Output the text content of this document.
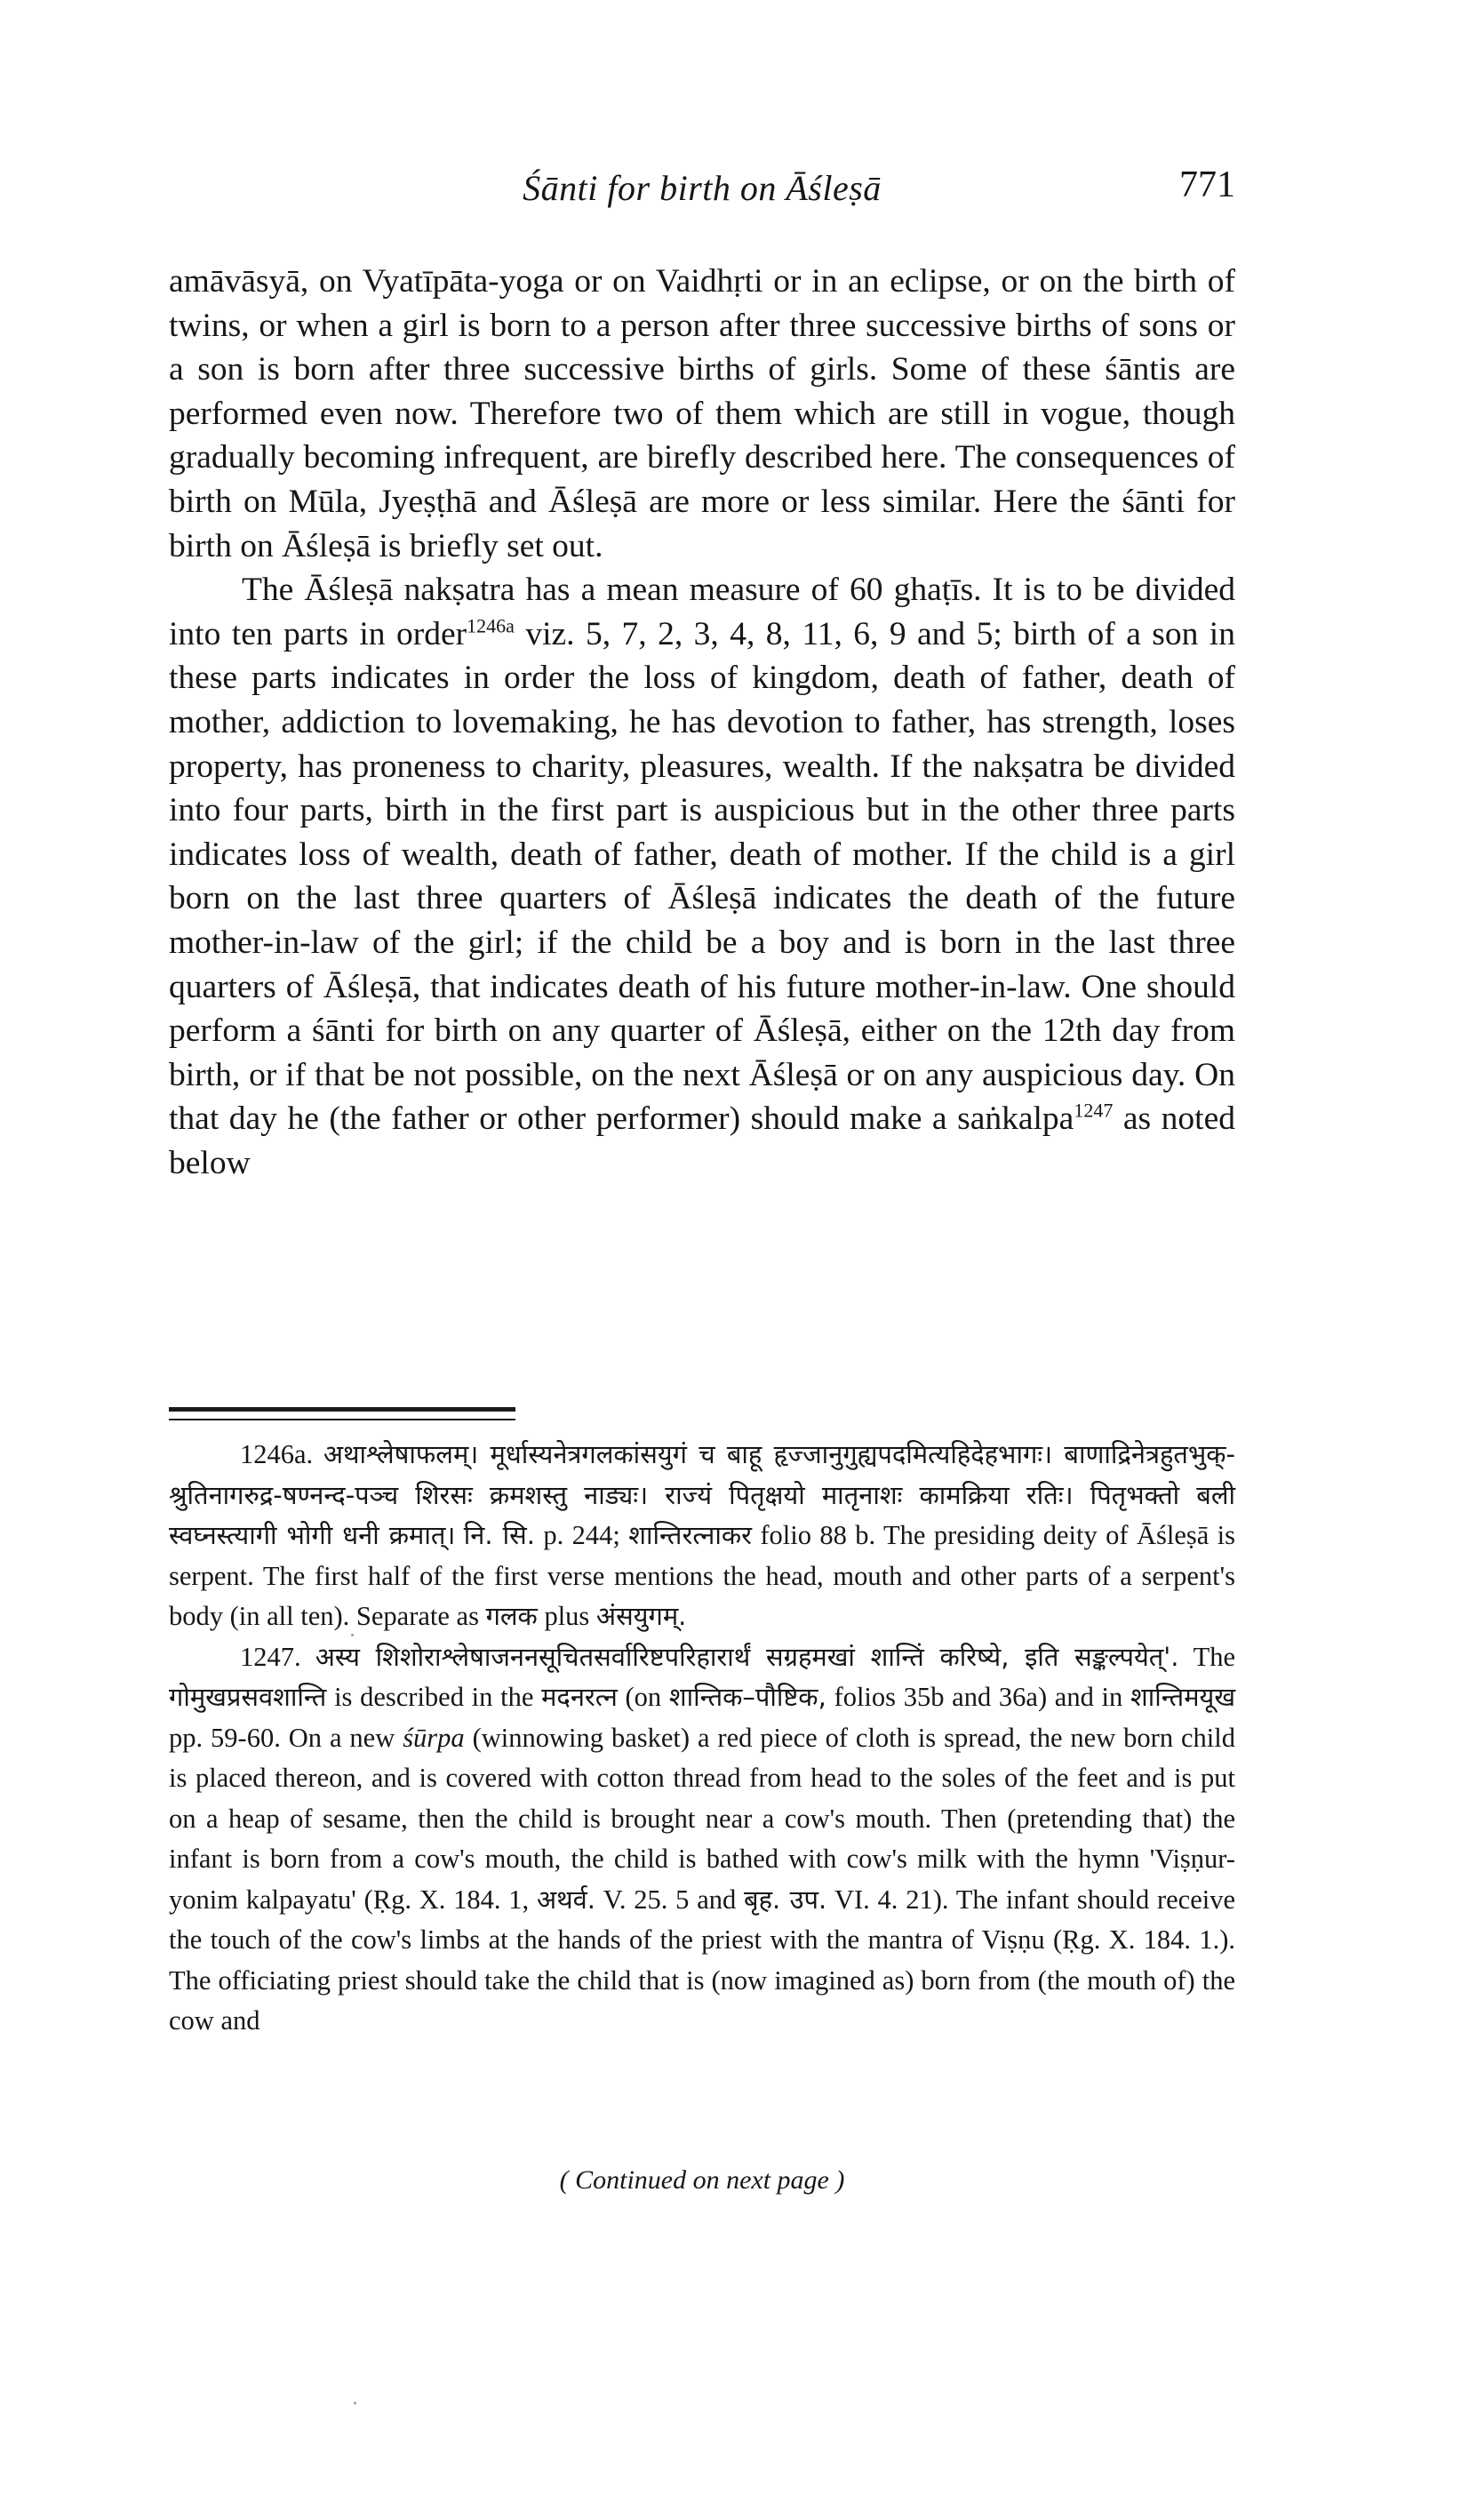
Śānti for birth on Āśleṣā	771

amāvāsyā, on Vyatīpāta-yoga or on Vaidhṛti or in an eclipse, or on the birth of twins, or when a girl is born to a person after three successive births of sons or a son is born after three successive births of girls. Some of these śāntis are performed even now. Therefore two of them which are still in vogue, though gradually becoming infrequent, are birefly described here. The consequences of birth on Mūla, Jyeṣṭhā and Āśleṣā are more or less similar. Here the śānti for birth on Āśleṣā is briefly set out.

The Āśleṣā nakṣatra has a mean measure of 60 ghaṭīs. It is to be divided into ten parts in order$^{1246a}$ viz. 5, 7, 2, 3, 4, 8, 11, 6, 9 and 5; birth of a son in these parts indicates in order the loss of kingdom, death of father, death of mother, addiction to lovemaking, he has devotion to father, has strength, loses property, has proneness to charity, pleasures, wealth. If the nakṣatra be divided into four parts, birth in the first part is auspicious but in the other three parts indicates loss of wealth, death of father, death of mother. If the child is a girl born on the last three quarters of Āśleṣā indicates the death of the future mother-in-law of the girl; if the child be a boy and is born in the last three quarters of Āśleṣā, that indicates death of his future mother-in-law. One should perform a śānti for birth on any quarter of Āśleṣā, either on the 12th day from birth, or if that be not possible, on the next Āśleṣā or on any auspicious day. On that day he (the father or other performer) should make a saṅkalpa$^{1247}$ as noted below

1246a. अथाश्लेषाफलम्। मूर्धास्यनेत्रगलकांसयुगं च बाहू हृज्जानुगुह्यपदमित्यहिदेहभागः। बाणाद्रिनेत्रहुतभुक्-श्रुतिनागरुद्र-षण्नन्द-पञ्च शिरसः क्रमशस्तु नाड्यः। राज्यं पितृक्षयो मातृनाशः कामक्रिया रतिः। पितृभक्तो बली स्वघ्नस्त्यागी भोगी धनी क्रमात्। नि. सि. p. 244; शान्तिरत्नाकर folio 88 b. The presiding deity of Āśleṣā is serpent. The first half of the first verse mentions the head, mouth and other parts of a serpent's body (in all ten). Separate as गलक plus अंसयुगम्.

1247. अस्य शिशोराश्लेषाजननसूचितसर्वारिष्टपरिहारार्थं सग्रहमखां शान्तिं करिष्ये, इति सङ्कल्पयेत्'. The गोमुखप्रसवशान्ति is described in the मदनरत्न (on शान्तिक–पौष्टिक, folios 35b and 36a) and in शान्तिमयूख pp. 59-60. On a new śūrpa (winnowing basket) a red piece of cloth is spread, the new born child is placed thereon, and is covered with cotton thread from head to the soles of the feet and is put on a heap of sesame, then the child is brought near a cow's mouth. Then (pretending that) the infant is born from a cow's mouth, the child is bathed with cow's milk with the hymn 'Viṣṇur-yonim kalpayatu' (Ṛg. X. 184. 1, अथर्व. V. 25. 5 and बृह. उप. VI. 4. 21). The infant should receive the touch of the cow's limbs at the hands of the priest with the mantra of Viṣṇu (Ṛg. X. 184. 1.). The officiating priest should take the child that is (now imagined as) born from (the mouth of) the cow and

( Continued on next page )
